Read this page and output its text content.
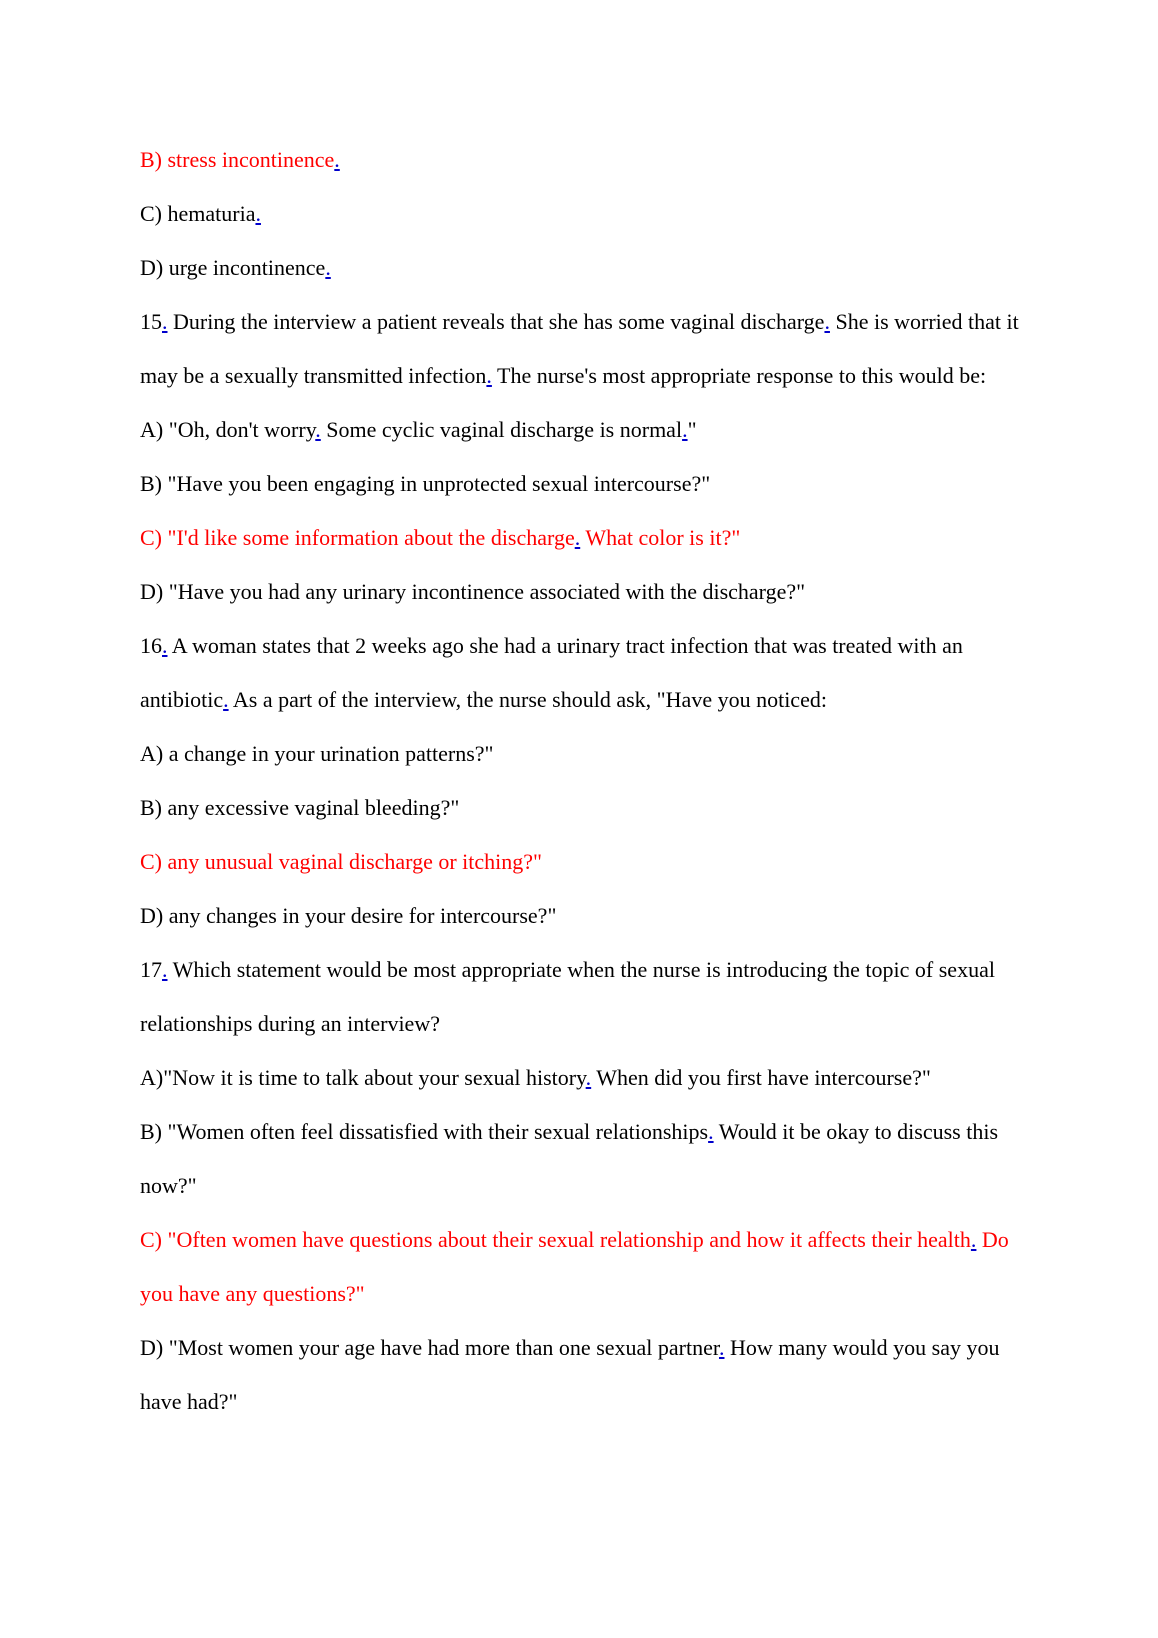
B) stress incontinence.

C) hematuria.

D) urge incontinence.

15. During the interview a patient reveals that she has some vaginal discharge. She is worried that it may be a sexually transmitted infection. The nurse's most appropriate response to this would be:

A) "Oh, don't worry. Some cyclic vaginal discharge is normal."

B) "Have you been engaging in unprotected sexual intercourse?"

C) "I'd like some information about the discharge. What color is it?"

D) "Have you had any urinary incontinence associated with the discharge?"

16. A woman states that 2 weeks ago she had a urinary tract infection that was treated with an antibiotic. As a part of the interview, the nurse should ask, "Have you noticed:

A) a change in your urination patterns?"

B) any excessive vaginal bleeding?"

C) any unusual vaginal discharge or itching?"

D) any changes in your desire for intercourse?"

17. Which statement would be most appropriate when the nurse is introducing the topic of sexual relationships during an interview?

A)"Now it is time to talk about your sexual history. When did you first have intercourse?"

B) "Women often feel dissatisfied with their sexual relationships. Would it be okay to discuss this now?"

C) "Often women have questions about their sexual relationship and how it affects their health. Do you have any questions?"

D) "Most women your age have had more than one sexual partner. How many would you say you have had?"
